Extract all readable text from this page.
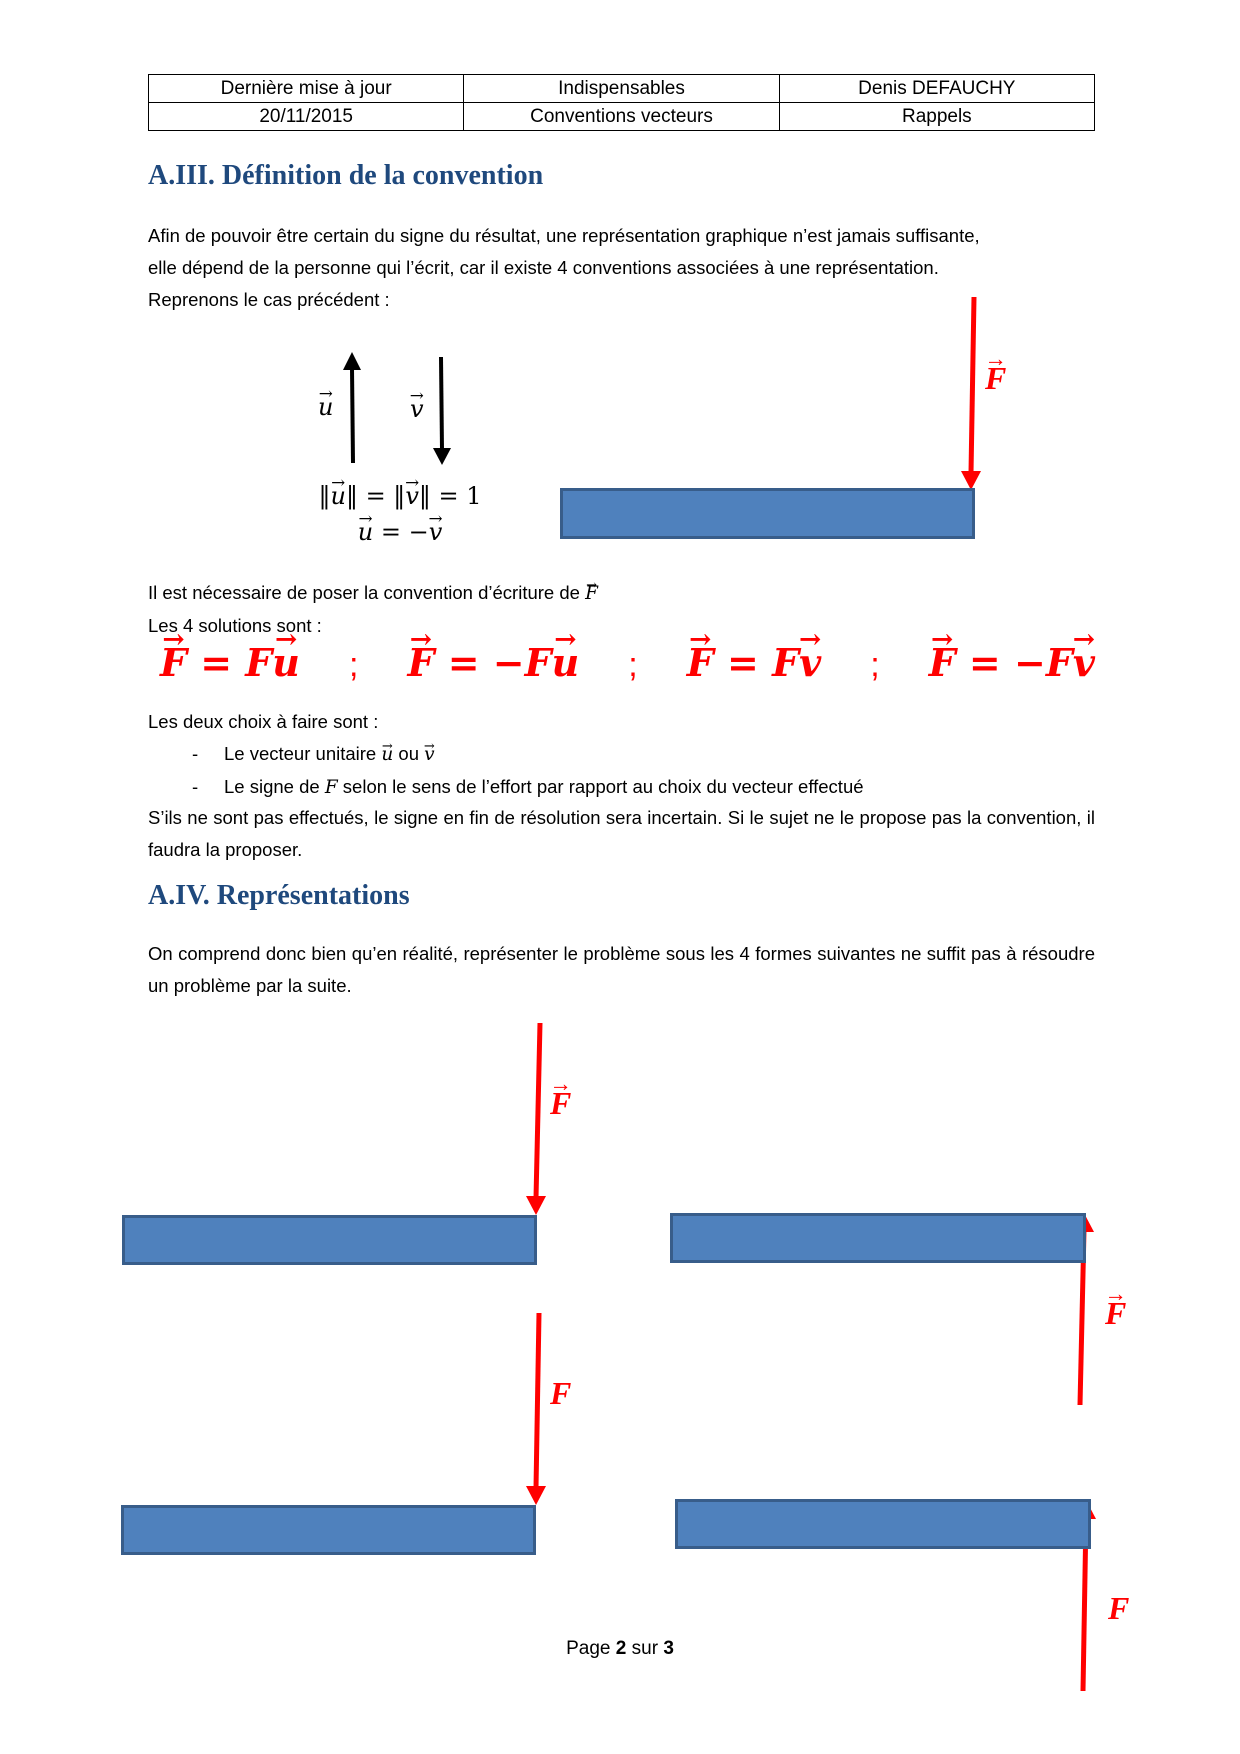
Dernière mise à jour	Indispensables	Denis DEFAUCHY
20/11/2015	Conventions vecteurs	Rappels
A.III. Définition de la convention
Afin de pouvoir être certain du signe du résultat, une représentation graphique n’est jamais suffisante,
elle dépend de la personne qui l’écrit, car il existe 4 conventions associées à une représentation.
Reprenons le cas précédent :
→ u	→ v
‖→ u‖ = ‖→ v‖ = 1
→ u = −→ v
→ F
Il est nécessaire de poser la convention d’écriture de → F
Les 4 solutions sont :
→ F = F→ u ; → F = −F→ u ; → F = F→ v ; → F = −F→ v
Les deux choix à faire sont :
- Le vecteur unitaire → u ou → v
- Le signe de F selon le sens de l’effort par rapport au choix du vecteur effectué

S’ils ne sont pas effectués, le signe en fin de résolution sera incertain. Si le sujet ne le propose pas la convention, il faudra la proposer.

A.IV. Représentations

On comprend donc bien qu’en réalité, représenter le problème sous les 4 formes suivantes ne suffit pas à résoudre un problème par la suite.

→ F
→ F
F
F
Page 2 sur 3
